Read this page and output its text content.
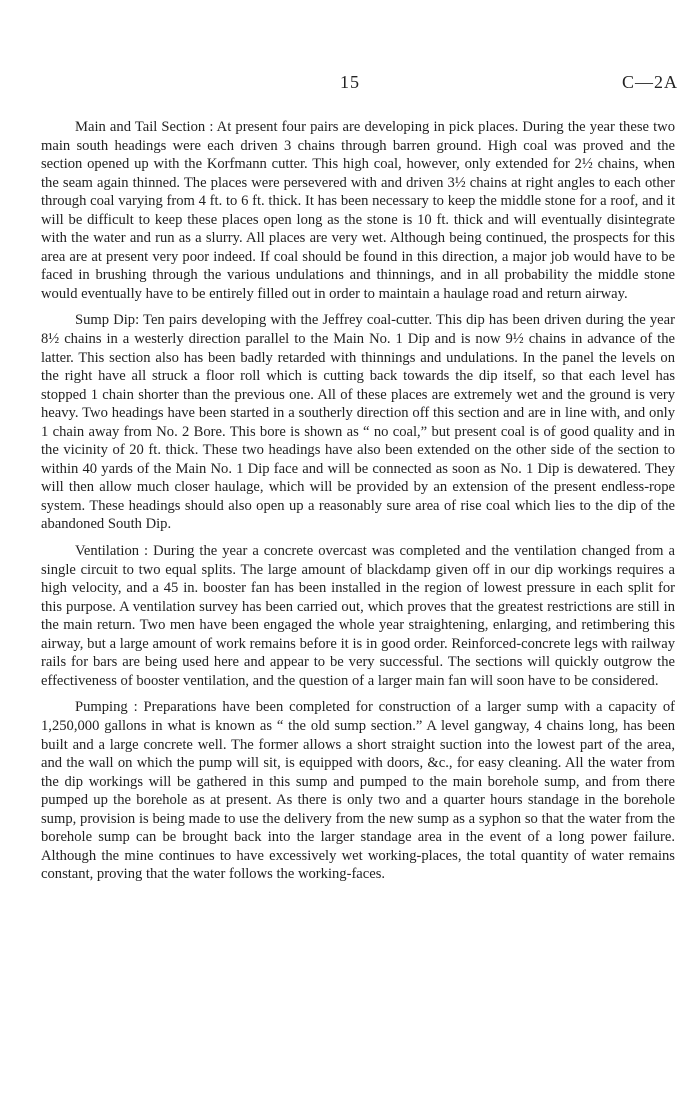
15	C—2A

Main and Tail Section : At present four pairs are developing in pick places. During the year these two main south headings were each driven 3 chains through barren ground. High coal was proved and the section opened up with the Korfmann cutter. This high coal, however, only extended for 2½ chains, when the seam again thinned. The places were persevered with and driven 3½ chains at right angles to each other through coal varying from 4 ft. to 6 ft. thick. It has been necessary to keep the middle stone for a roof, and it will be difficult to keep these places open long as the stone is 10 ft. thick and will eventually disintegrate with the water and run as a slurry. All places are very wet. Although being continued, the prospects for this area are at present very poor indeed. If coal should be found in this direction, a major job would have to be faced in brushing through the various undulations and thinnings, and in all probability the middle stone would eventually have to be entirely filled out in order to maintain a haulage road and return airway.

Sump Dip: Ten pairs developing with the Jeffrey coal-cutter. This dip has been driven during the year 8½ chains in a westerly direction parallel to the Main No. 1 Dip and is now 9½ chains in advance of the latter. This section also has been badly retarded with thinnings and undulations. In the panel the levels on the right have all struck a floor roll which is cutting back towards the dip itself, so that each level has stopped 1 chain shorter than the previous one. All of these places are extremely wet and the ground is very heavy. Two headings have been started in a southerly direction off this section and are in line with, and only 1 chain away from No. 2 Bore. This bore is shown as “ no coal,” but present coal is of good quality and in the vicinity of 20 ft. thick. These two headings have also been extended on the other side of the section to within 40 yards of the Main No. 1 Dip face and will be connected as soon as No. 1 Dip is dewatered. They will then allow much closer haulage, which will be provided by an extension of the present endless-rope system. These headings should also open up a reasonably sure area of rise coal which lies to the dip of the abandoned South Dip.

Ventilation : During the year a concrete overcast was completed and the ventilation changed from a single circuit to two equal splits. The large amount of blackdamp given off in our dip workings requires a high velocity, and a 45 in. booster fan has been installed in the region of lowest pressure in each split for this purpose. A ventilation survey has been carried out, which proves that the greatest restrictions are still in the main return. Two men have been engaged the whole year straightening, enlarging, and retimbering this airway, but a large amount of work remains before it is in good order. Reinforced-concrete legs with railway rails for bars are being used here and appear to be very successful. The sections will quickly outgrow the effectiveness of booster ventilation, and the question of a larger main fan will soon have to be considered.

Pumping : Preparations have been completed for construction of a larger sump with a capacity of 1,250,000 gallons in what is known as “ the old sump section.” A level gangway, 4 chains long, has been built and a large concrete well. The former allows a short straight suction into the lowest part of the area, and the wall on which the pump will sit, is equipped with doors, &c., for easy cleaning. All the water from the dip workings will be gathered in this sump and pumped to the main borehole sump, and from there pumped up the borehole as at present. As there is only two and a quarter hours standage in the borehole sump, provision is being made to use the delivery from the new sump as a syphon so that the water from the borehole sump can be brought back into the larger standage area in the event of a long power failure. Although the mine continues to have excessively wet working-places, the total quantity of water remains constant, proving that the water follows the working-faces.
